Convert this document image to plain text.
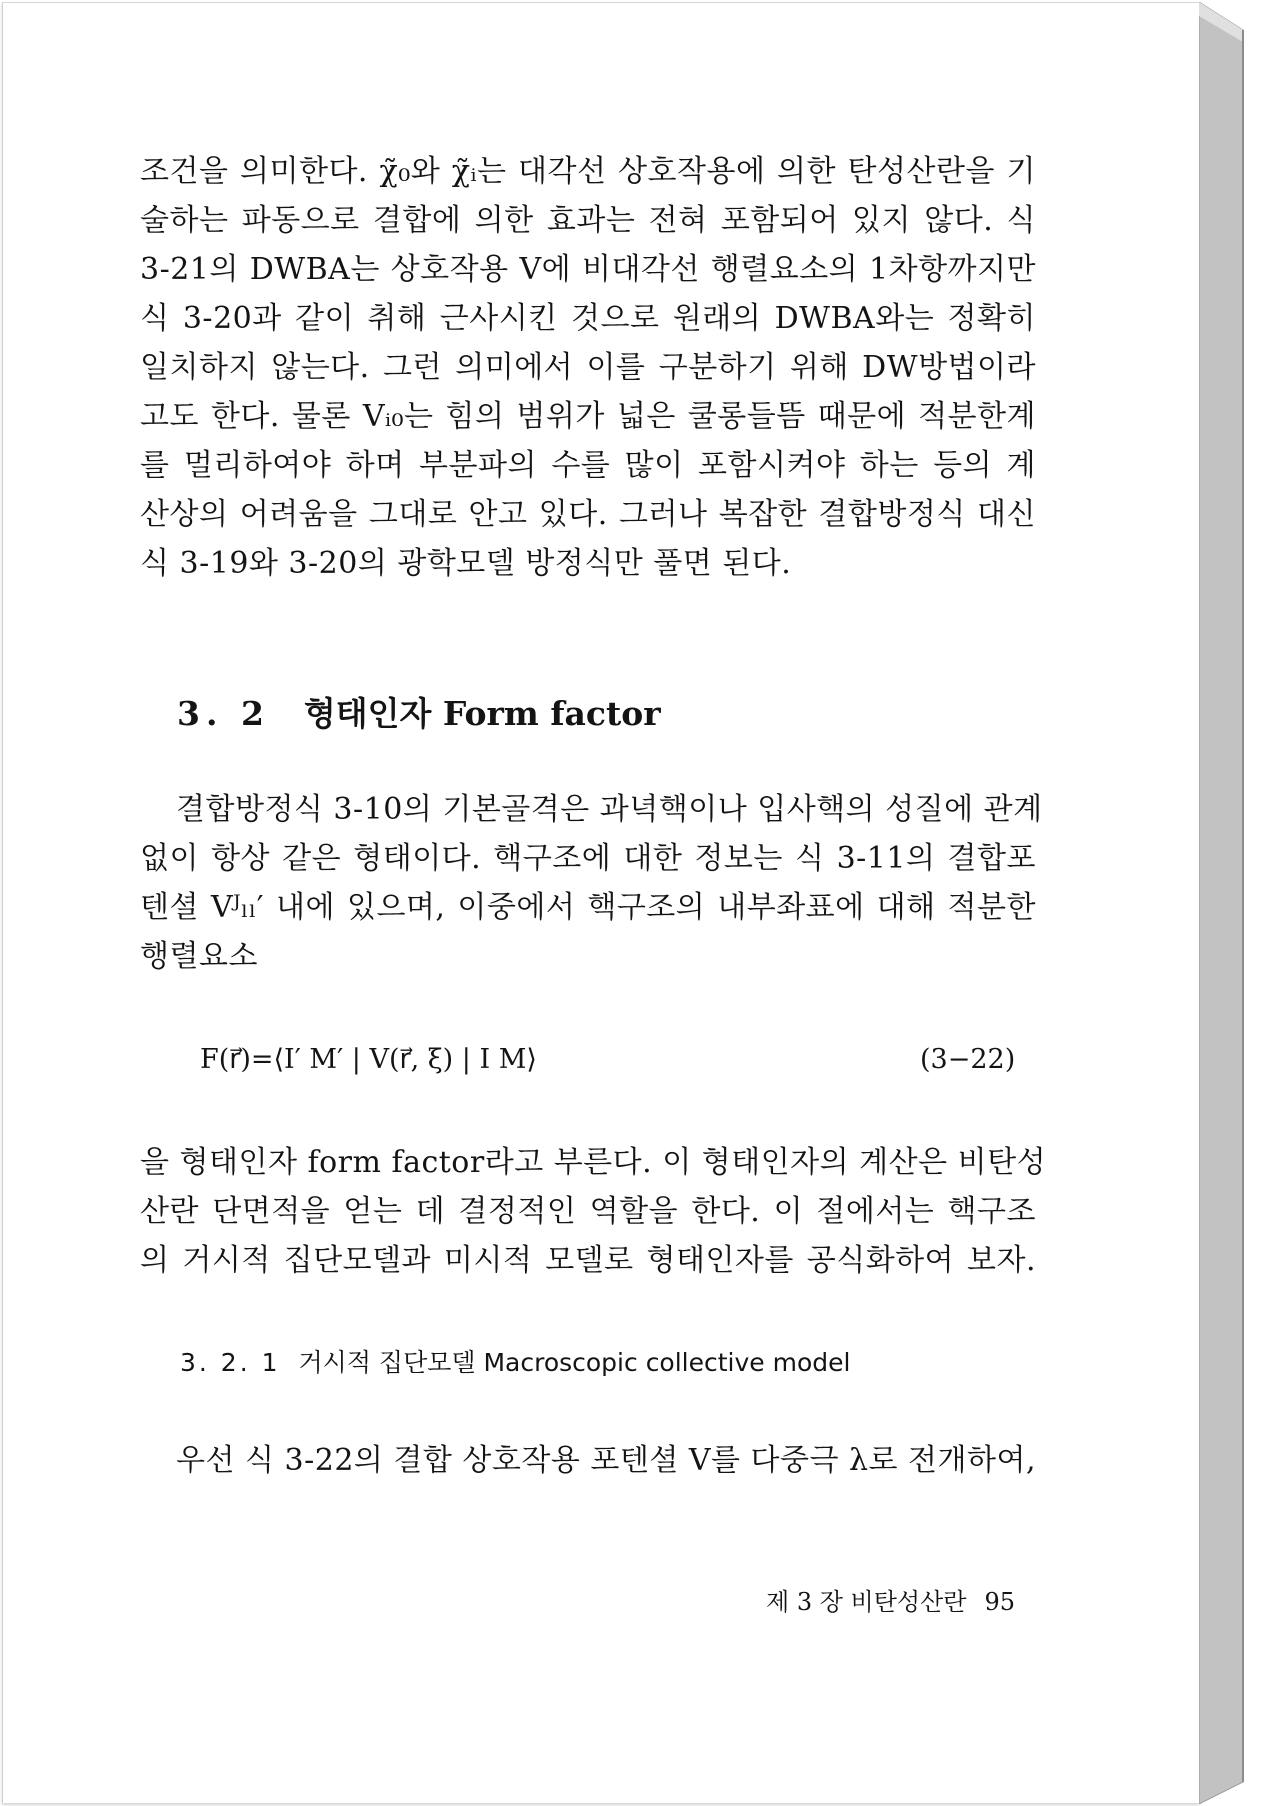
조건을 의미한다. χ̃₀와 χ̃ᵢ는 대각선 상호작용에 의한 탄성산란을 기
술하는 파동으로 결합에 의한 효과는 전혀 포함되어 있지 않다. 식
3-21의 DWBA는 상호작용 V에 비대각선 행렬요소의 1차항까지만
식 3-20과 같이 취해 근사시킨 것으로 원래의 DWBA와는 정확히
일치하지 않는다. 그런 의미에서 이를 구분하기 위해 DW방법이라
고도 한다. 물론 Vᵢ₀는 힘의 범위가 넓은 쿨롱들뜸 때문에 적분한계
를 멀리하여야 하며 부분파의 수를 많이 포함시켜야 하는 등의 계
산상의 어려움을 그대로 안고 있다. 그러나 복잡한 결합방정식 대신
식 3-19와 3-20의 광학모델 방정식만 풀면 된다.
3. 2 형태인자 Form factor
결합방정식 3-10의 기본골격은 과녁핵이나 입사핵의 성질에 관계
없이 항상 같은 형태이다. 핵구조에 대한 정보는 식 3-11의 결합포
텐셜 Vᴶₗₗ′ 내에 있으며, 이중에서 핵구조의 내부좌표에 대해 적분한
행렬요소
F(r⃗)=⟨I′ M′ | V(r⃗, ξ) | I M⟩	(3−22)
을 형태인자 form factor라고 부른다. 이 형태인자의 계산은 비탄성
산란 단면적을 얻는 데 결정적인 역할을 한다. 이 절에서는 핵구조
의 거시적 집단모델과 미시적 모델로 형태인자를 공식화하여 보자.
3. 2. 1 거시적 집단모델 Macroscopic collective model
우선 식 3-22의 결합 상호작용 포텐셜 V를 다중극 λ로 전개하여,
제 3 장 비탄성산란 95
